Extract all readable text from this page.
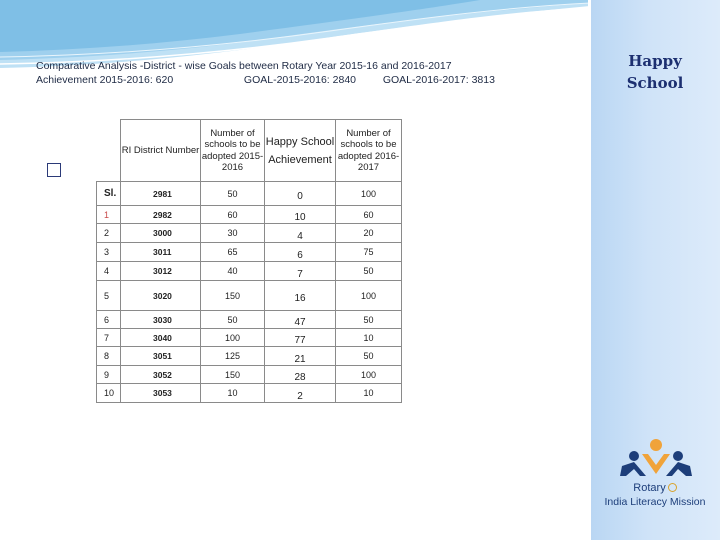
Happy
School
Comparative Analysis -District - wise Goals between Rotary Year 2015-16 and 2016-2017
Achievement 2015-2016: 620	GOAL-2015-2016: 2840	GOAL-2016-2017: 3813
	RI District Number	Number of schools to be adopted 2015-2016	Happy School Achievement	Number of schools to be adopted 2016-2017
Sl.	2981	50	0	100
1	2982	60	10	60
2	3000	30	4	20
3	3011	65	6	75
4	3012	40	7	50
5	3020	150	16	100
6	3030	50	47	50
7	3040	100	77	10
8	3051	125	21	50
9	3052	150	28	100
10	3053	10	2	10
Rotary
India Literacy Mission
